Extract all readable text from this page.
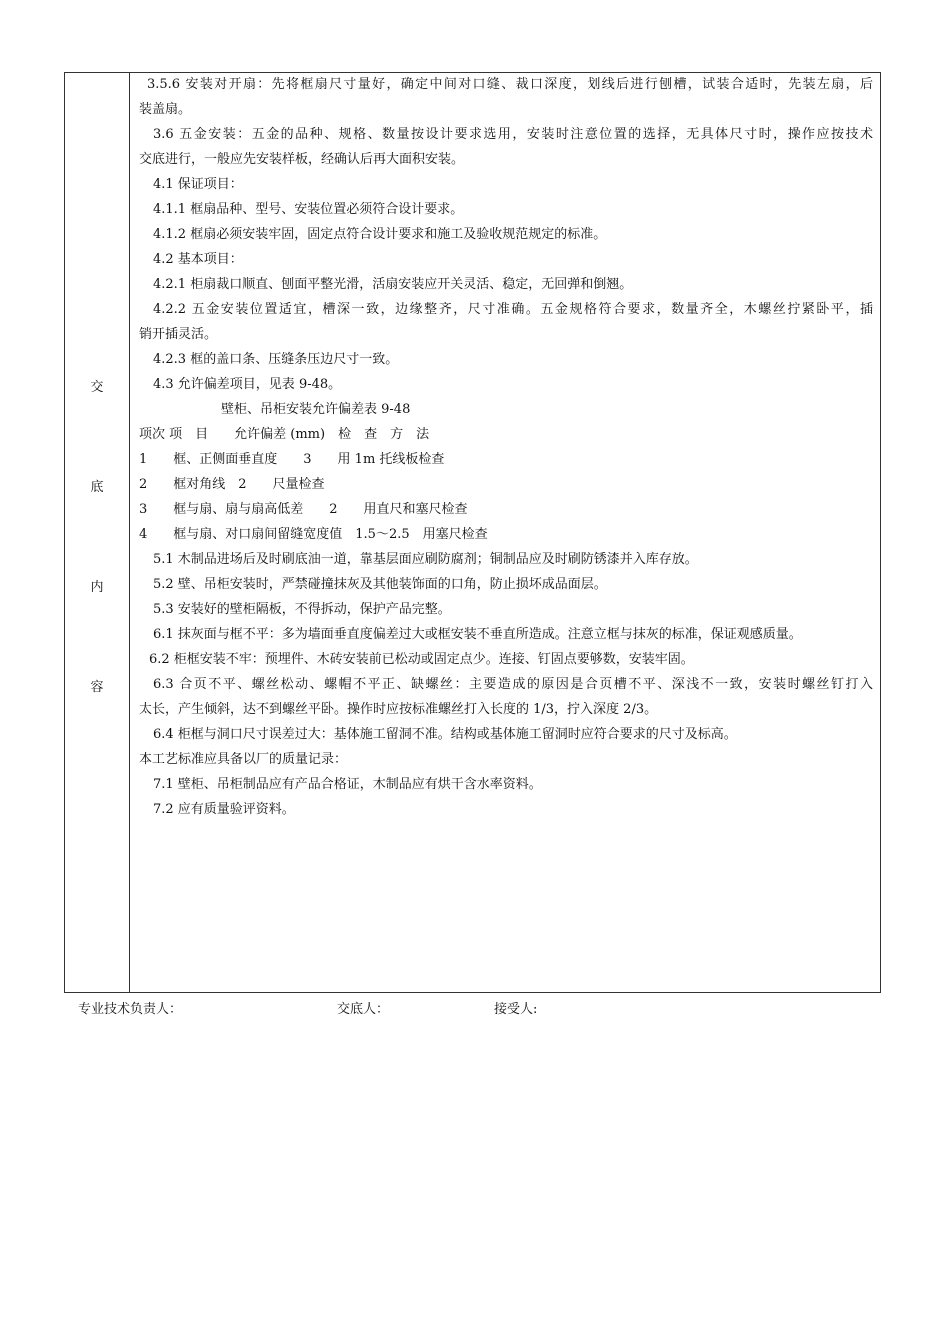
交
底
内
容
3.5.6 安装对开扇：先将框扇尺寸量好，确定中间对口缝、裁口深度，划线后进行刨槽，试装合适时，先装左扇，后
装盖扇。
3.6 五金安装：五金的品种、规格、数量按设计要求选用，安装时注意位置的选择，无具体尺寸时，操作应按技术
交底进行，一般应先安装样板，经确认后再大面积安装。
4.1 保证项目：
4.1.1 框扇品种、型号、安装位置必须符合设计要求。
4.1.2 框扇必须安装牢固，固定点符合设计要求和施工及验收规范规定的标准。
4.2 基本项目：
4.2.1 柜扇裁口顺直、刨面平整光滑，活扇安装应开关灵活、稳定，无回弹和倒翘。
4.2.2 五金安装位置适宜，槽深一致，边缘整齐，尺寸准确。五金规格符合要求，数量齐全，木螺丝拧紧卧平，插
销开插灵活。
4.2.3 框的盖口条、压缝条压边尺寸一致。
4.3 允许偏差项目，见表 9-48。
壁柜、吊柜安装允许偏差表 9-48
项次 项　目　　允许偏差 (mm)　检　查　方　法
1　　框、正侧面垂直度　　3　　用 1m 托线板检查
2　　框对角线　2　　尺量检查
3　　框与扇、扇与扇高低差　　2　　用直尺和塞尺检查
4　　框与扇、对口扇间留缝宽度值　1.5～2.5　用塞尺检查
5.1 木制品进场后及时刷底油一道，靠基层面应刷防腐剂；铜制品应及时刷防锈漆并入库存放。
5.2 壁、吊柜安装时，严禁碰撞抹灰及其他装饰面的口角，防止损坏成品面层。
5.3 安装好的壁柜隔板，不得拆动，保护产品完整。
6.1 抹灰面与框不平：多为墙面垂直度偏差过大或框安装不垂直所造成。注意立框与抹灰的标准，保证观感质量。
6.2 柜框安装不牢：预埋件、木砖安装前已松动或固定点少。连接、钉固点要够数，安装牢固。
6.3 合页不平、螺丝松动、螺帽不平正、缺螺丝：主要造成的原因是合页槽不平、深浅不一致，安装时螺丝钉打入
太长，产生倾斜，达不到螺丝平卧。操作时应按标准螺丝打入长度的 1/3，拧入深度 2/3。
6.4 柜框与洞口尺寸误差过大：基体施工留洞不准。结构或基体施工留洞时应符合要求的尺寸及标高。
本工艺标准应具备以厂的质量记录：
7.1 壁柜、吊柜制品应有产品合格证，木制品应有烘干含水率资料。
7.2 应有质量验评资料。
专业技术负责人：	交底人：	接受人:
